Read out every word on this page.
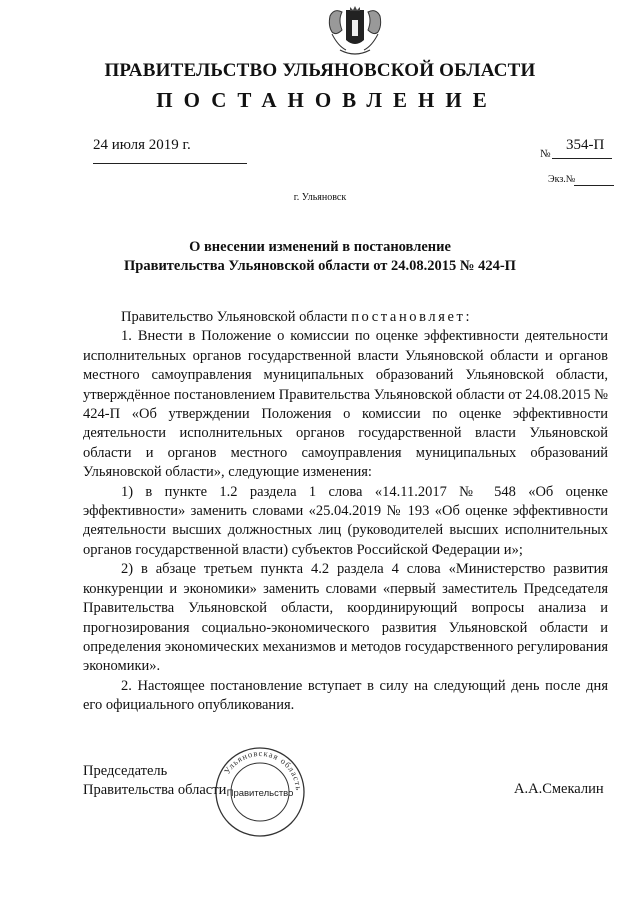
ПРАВИТЕЛЬСТВО УЛЬЯНОВСКОЙ ОБЛАСТИ
ПОСТАНОВЛЕНИЕ
24 июля 2019 г.
№
354-П
Экз.№
г. Ульяновск
О внесении изменений в постановление
Правительства Ульяновской области от 24.08.2015 № 424-П

Правительство Ульяновской области постановляет:

1. Внести в Положение о комиссии по оценке эффективности деятельности исполнительных органов государственной власти Ульяновской области и органов местного самоуправления муниципальных образований Ульяновской области, утверждённое постановлением Правительства Ульяновской области от 24.08.2015 № 424-П «Об утверждении Положения о комиссии по оценке эффективности деятельности исполнительных органов государственной власти Ульяновской области и органов местного самоуправления муниципальных образований Ульяновской области», следующие изменения:

1) в пункте 1.2 раздела 1 слова «14.11.2017 № 548 «Об оценке эффективности» заменить словами «25.04.2019 № 193 «Об оценке эффективности деятельности высших должностных лиц (руководителей высших исполнительных органов государственной власти) субъектов Российской Федерации и»;

2) в абзаце третьем пункта 4.2 раздела 4 слова «Министерство развития конкуренции и экономики» заменить словами «первый заместитель Председателя Правительства Ульяновской области, координирующий вопросы анализа и прогнозирования социально-экономического развития Ульяновской области и определения экономических механизмов и методов государственного регулирования экономики».

2. Настоящее постановление вступает в силу на следующий день после дня его официального опубликования.

Председатель
Правительства области	А.А.Смекалин
Ульяновская область
Правительство
